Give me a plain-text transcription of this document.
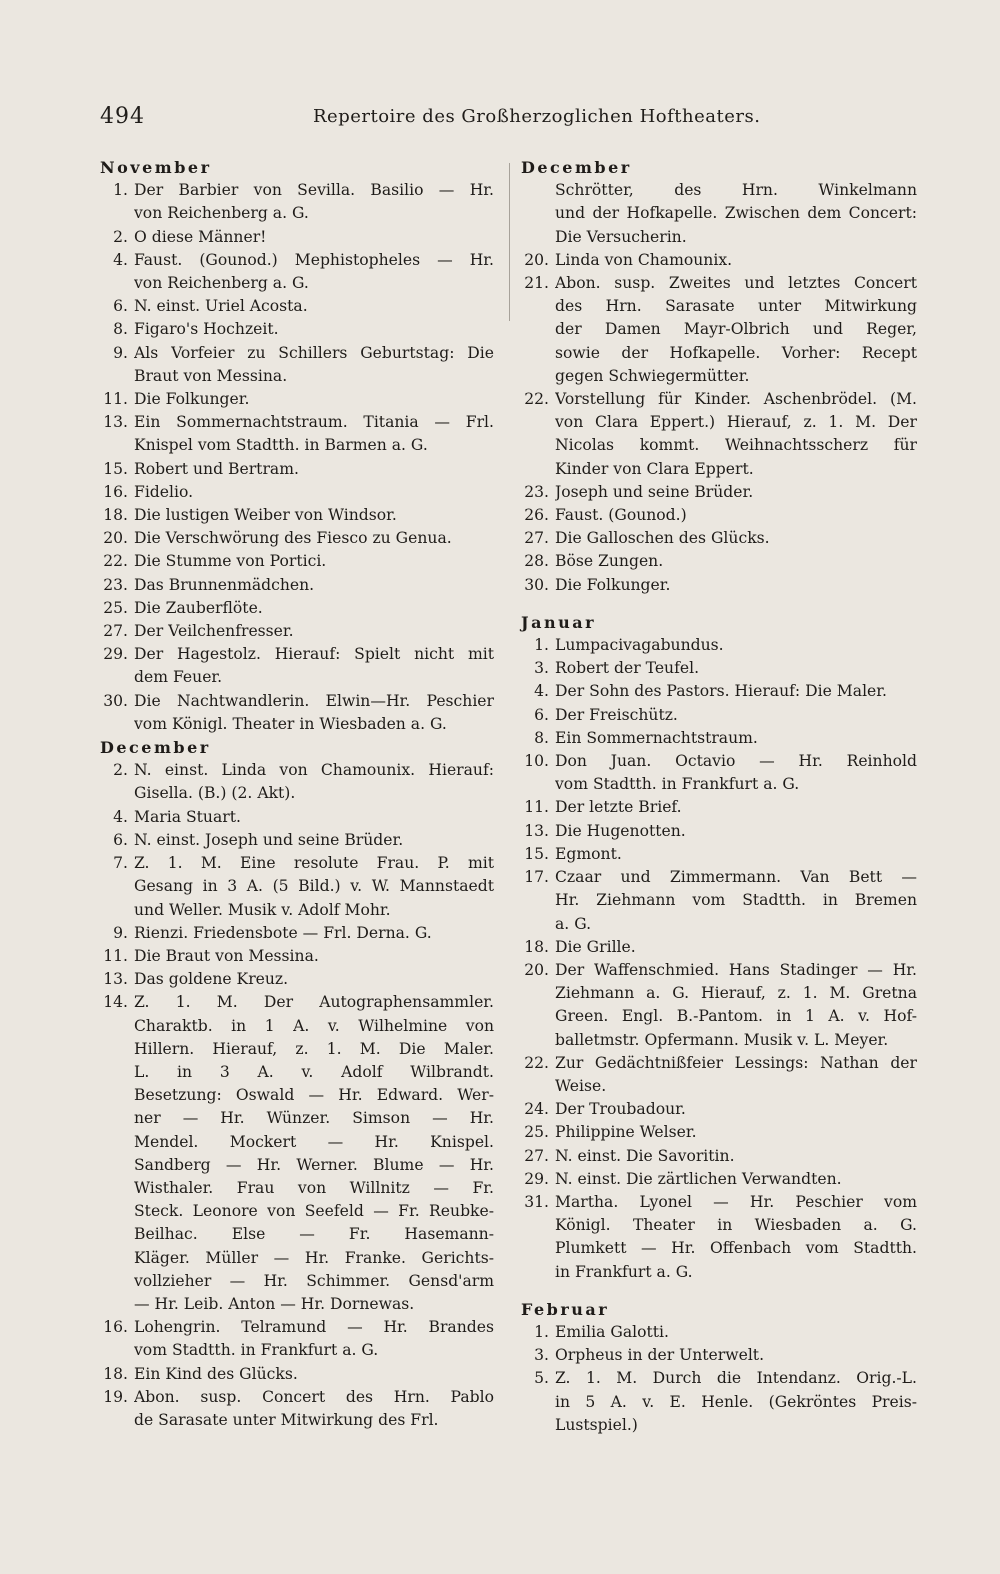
494	Repertoire des Großherzoglichen Hoftheaters.
November
1. Der Barbier von Sevilla. Basilio — Hr.
von Reichenberg a. G.
2. O diese Männer!
4. Faust. (Gounod.) Mephistopheles — Hr.
von Reichenberg a. G.
6. N. einst. Uriel Acosta.
8. Figaro's Hochzeit.
9. Als Vorfeier zu Schillers Geburtstag: Die
Braut von Messina.
11. Die Folkunger.
13. Ein Sommernachtstraum. Titania — Frl.
Knispel vom Stadtth. in Barmen a. G.
15. Robert und Bertram.
16. Fidelio.
18. Die lustigen Weiber von Windsor.
20. Die Verschwörung des Fiesco zu Genua.
22. Die Stumme von Portici.
23. Das Brunnenmädchen.
25. Die Zauberflöte.
27. Der Veilchenfresser.
29. Der Hagestolz. Hierauf: Spielt nicht mit
dem Feuer.
30. Die Nachtwandlerin. Elwin—Hr. Peschier
vom Königl. Theater in Wiesbaden a. G.
December
2. N. einst. Linda von Chamounix. Hierauf:
Gisella. (B.) (2. Akt).
4. Maria Stuart.
6. N. einst. Joseph und seine Brüder.
7. Z. 1. M. Eine resolute Frau. P. mit
Gesang in 3 A. (5 Bild.) v. W. Mannstaedt
und Weller. Musik v. Adolf Mohr.
9. Rienzi. Friedensbote — Frl. Derna. G.
11. Die Braut von Messina.
13. Das goldene Kreuz.
14. Z. 1. M. Der Autographensammler.
Charaktb. in 1 A. v. Wilhelmine von
Hillern. Hierauf, z. 1. M. Die Maler.
L. in 3 A. v. Adolf Wilbrandt.
Besetzung: Oswald — Hr. Edward. Wer-
ner — Hr. Wünzer. Simson — Hr.
Mendel. Mockert — Hr. Knispel.
Sandberg — Hr. Werner. Blume — Hr.
Wisthaler. Frau von Willnitz — Fr.
Steck. Leonore von Seefeld — Fr. Reubke-
Beilhac. Else — Fr. Hasemann-
Kläger. Müller — Hr. Franke. Gerichts-
vollzieher — Hr. Schimmer. Gensd'arm
— Hr. Leib. Anton — Hr. Dornewas.
16. Lohengrin. Telramund — Hr. Brandes
vom Stadtth. in Frankfurt a. G.
18. Ein Kind des Glücks.
19. Abon. susp. Concert des Hrn. Pablo
de Sarasate unter Mitwirkung des Frl.
December
Schrötter, des Hrn. Winkelmann
und der Hofkapelle. Zwischen dem Concert:
Die Versucherin.
20. Linda von Chamounix.
21. Abon. susp. Zweites und letztes Concert
des Hrn. Sarasate unter Mitwirkung
der Damen Mayr-Olbrich und Reger,
sowie der Hofkapelle. Vorher: Recept
gegen Schwiegermütter.
22. Vorstellung für Kinder. Aschenbrödel. (M.
von Clara Eppert.) Hierauf, z. 1. M. Der
Nicolas kommt. Weihnachtsscherz für
Kinder von Clara Eppert.
23. Joseph und seine Brüder.
26. Faust. (Gounod.)
27. Die Galloschen des Glücks.
28. Böse Zungen.
30. Die Folkunger.
Januar
1. Lumpacivagabundus.
3. Robert der Teufel.
4. Der Sohn des Pastors. Hierauf: Die Maler.
6. Der Freischütz.
8. Ein Sommernachtstraum.
10. Don Juan. Octavio — Hr. Reinhold
vom Stadtth. in Frankfurt a. G.
11. Der letzte Brief.
13. Die Hugenotten.
15. Egmont.
17. Czaar und Zimmermann. Van Bett —
Hr. Ziehmann vom Stadtth. in Bremen
a. G.
18. Die Grille.
20. Der Waffenschmied. Hans Stadinger — Hr.
Ziehmann a. G. Hierauf, z. 1. M. Gretna
Green. Engl. B.-Pantom. in 1 A. v. Hof-
balletmstr. Opfermann. Musik v. L. Meyer.
22. Zur Gedächtnißfeier Lessings: Nathan der
Weise.
24. Der Troubadour.
25. Philippine Welser.
27. N. einst. Die Savoritin.
29. N. einst. Die zärtlichen Verwandten.
31. Martha. Lyonel — Hr. Peschier vom
Königl. Theater in Wiesbaden a. G.
Plumkett — Hr. Offenbach vom Stadtth.
in Frankfurt a. G.
Februar
1. Emilia Galotti.
3. Orpheus in der Unterwelt.
5. Z. 1. M. Durch die Intendanz. Orig.-L.
in 5 A. v. E. Henle. (Gekröntes Preis-
Lustspiel.)
